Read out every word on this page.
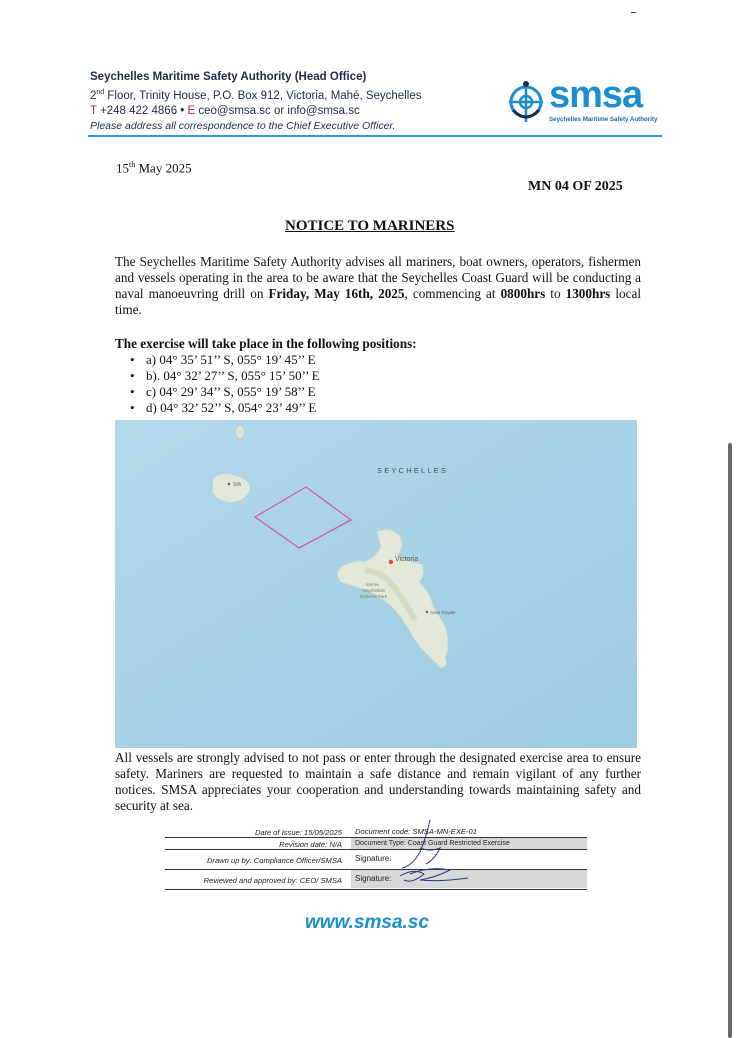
Seychelles Maritime Safety Authority (Head Office)
2nd Floor, Trinity House, P.O. Box 912, Victoria, Mahé, Seychelles
T +248 422 4866 • E ceo@smsa.sc or info@smsa.sc
Please address all correspondence to the Chief Executive Officer.
smsa
Seychelles Maritime Safety Authority
15th May 2025
MN 04 OF 2025
NOTICE TO MARINERS
The Seychelles Maritime Safety Authority advises all mariners, boat owners, operators, fishermen and vessels operating in the area to be aware that the Seychelles Coast Guard will be conducting a naval manoeuvring drill on Friday, May 16th, 2025, commencing at 0800hrs to 1300hrs local time.
The exercise will take place in the following positions:
• a) 04° 35’ 51’’ S, 055° 19’ 45’’ E
• b). 04° 32’ 27’’ S, 055° 15’ 50’’ E
• c) 04° 29’ 34’’ S, 055° 19’ 58’’ E
• d) 04° 32’ 52’’ S, 054° 23’ 49’’ E
Silh
Victoria
Morne
Seychellois
National Park
Anse Royale
SEYCHELLES
All vessels are strongly advised to not pass or enter through the designated exercise area to ensure safety. Mariners are requested to maintain a safe distance and remain vigilant of any further notices. SMSA appreciates your cooperation and understanding towards maintaining safety and security at sea.
Date of Issue: 15/05/2025	Document code: SMSA-MN-EXE-01
Revision date: N/A	Document Type: Coast Guard Restricted Exercise
Drawn up by: Compliance Officer/SMSA	Signature:
Reviewed and approved by: CEO/ SMSA	Signature:
www.smsa.sc
